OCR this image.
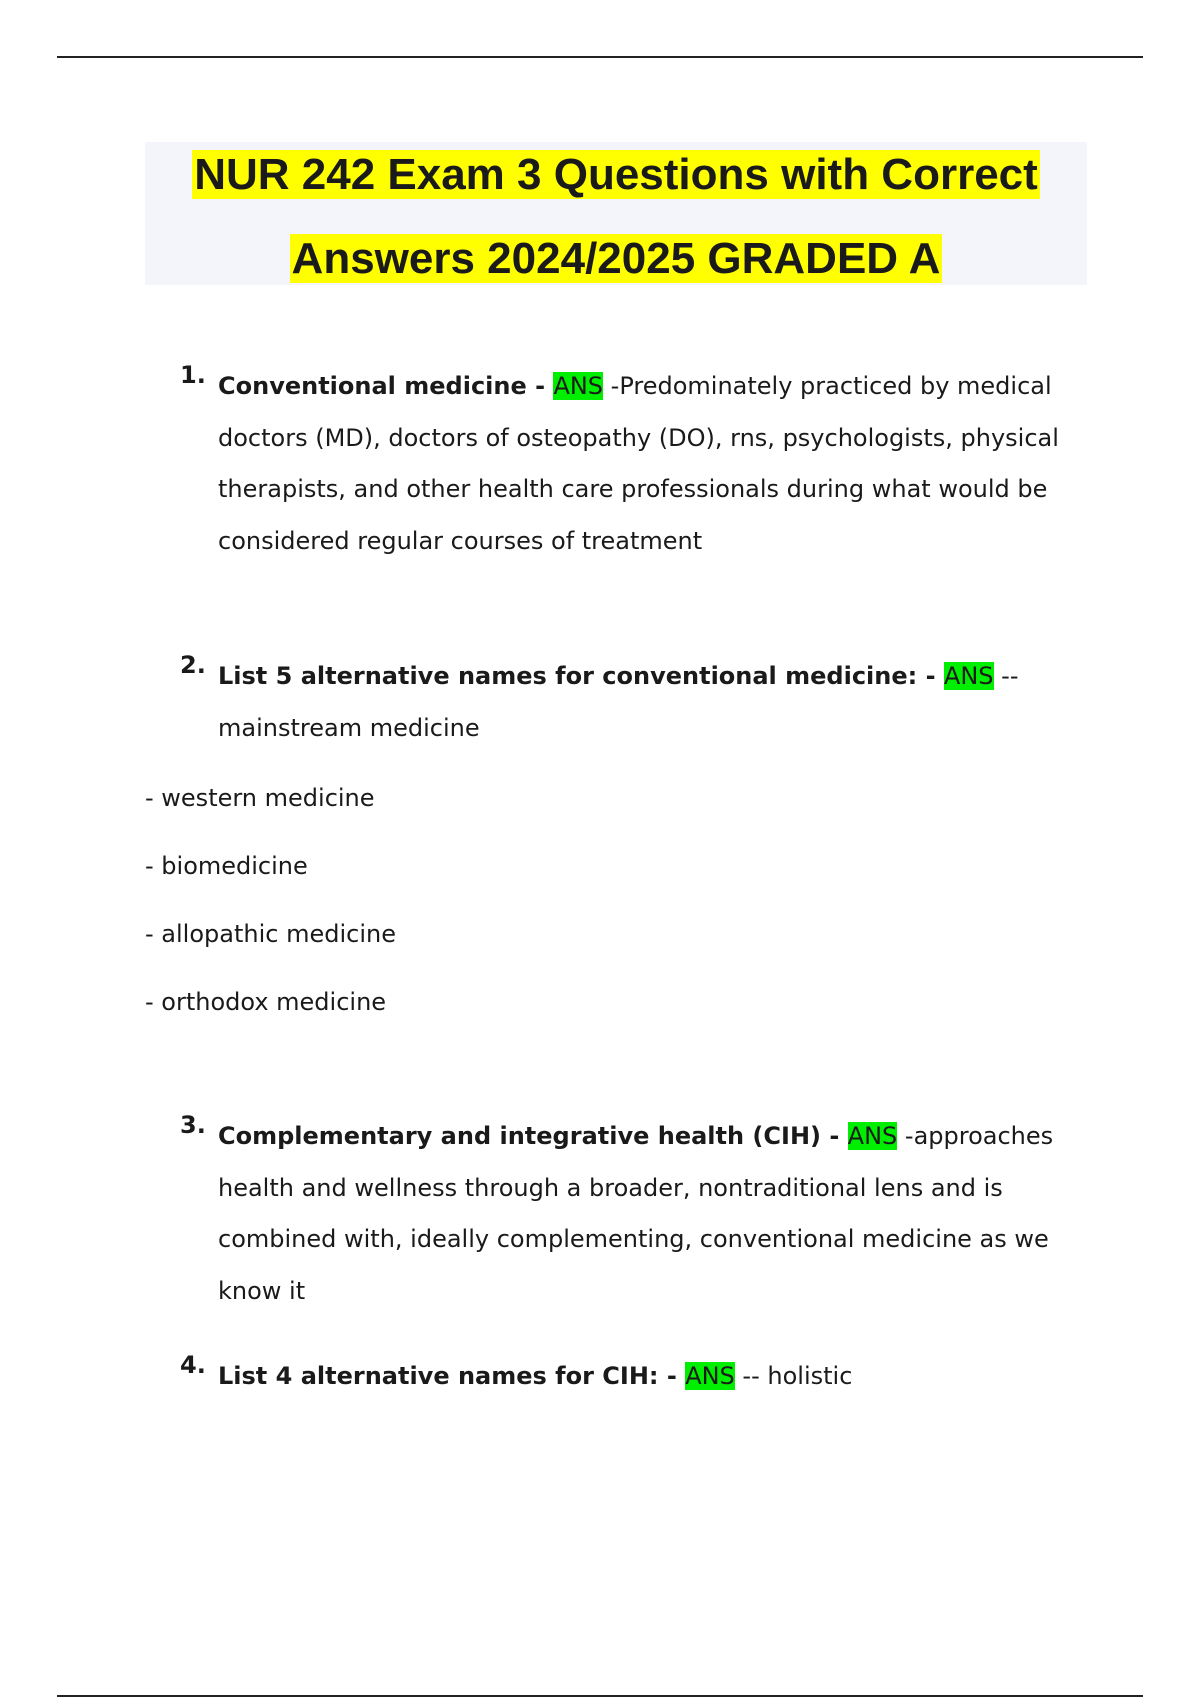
NUR 242 Exam 3 Questions with Correct
Answers 2024/2025 GRADED A
1. Conventional medicine - ANS -Predominately practiced by medical doctors (MD), doctors of osteopathy (DO), rns, psychologists, physical therapists, and other health care professionals during what would be considered regular courses of treatment
2. List 5 alternative names for conventional medicine: - ANS -- mainstream medicine
- western medicine
- biomedicine
- allopathic medicine
- orthodox medicine
3. Complementary and integrative health (CIH) - ANS -approaches health and wellness through a broader, nontraditional lens and is combined with, ideally complementing, conventional medicine as we know it
4. List 4 alternative names for CIH: - ANS -- holistic
